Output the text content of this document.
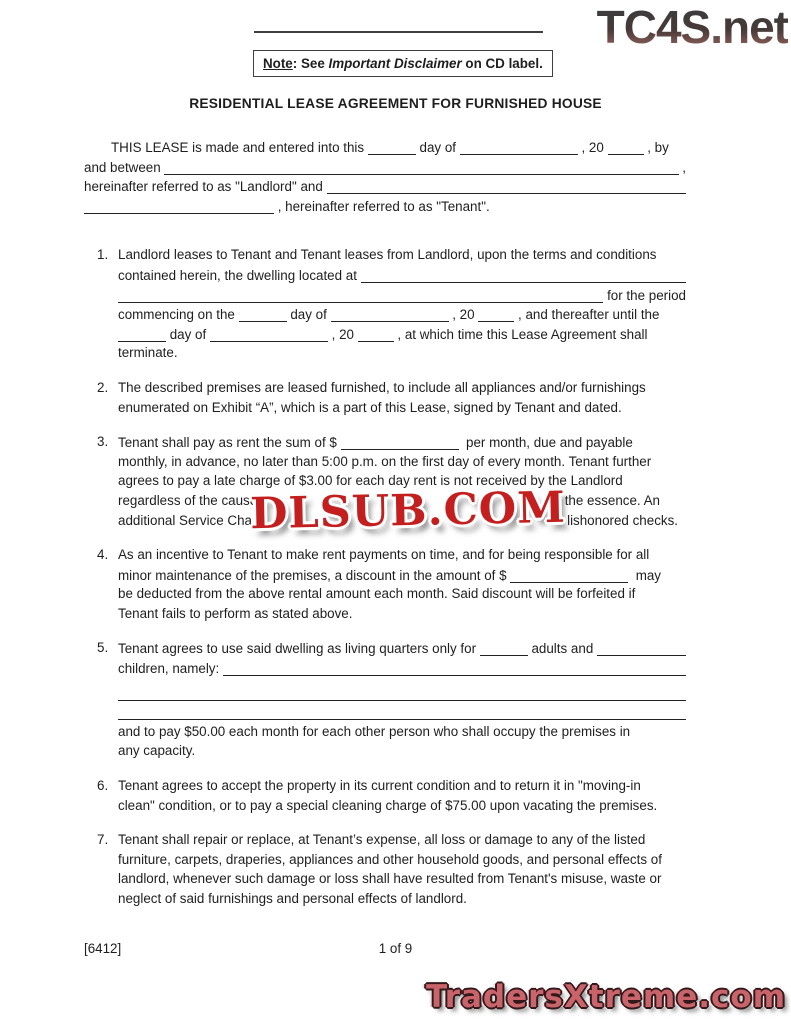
TC4S.net
Note: See Important Disclaimer on CD label.
RESIDENTIAL LEASE AGREEMENT FOR FURNISHED HOUSE
THIS LEASE is made and entered into this	day of	, 20	, by
and between	,
hereinafter referred to as "Landlord" and
, hereinafter referred to as "Tenant".
1. Landlord leases to Tenant and Tenant leases from Landlord, upon the terms and conditions
contained herein, the dwelling located at
for the period
commencing on the	day of	, 20	, and thereafter until the
day of	, 20	, at which time this Lease Agreement shall
terminate.
2. The described premises are leased furnished, to include all appliances and/or furnishings
enumerated on Exhibit “A”, which is a part of this Lease, signed by Tenant and dated.
3. Tenant shall pay as rent the sum of $	per month, due and payable
monthly, in advance, no later than 5:00 p.m. on the first day of every month. Tenant further
agrees to pay a late charge of $3.00 for each day rent is not received by the Landlord
regardless of the cause	the essence. An
additional Service Cha	lishonored checks.
4. As an incentive to Tenant to make rent payments on time, and for being responsible for all
minor maintenance of the premises, a discount in the amount of $	may
be deducted from the above rental amount each month. Said discount will be forfeited if
Tenant fails to perform as stated above.
5. Tenant agrees to use said dwelling as living quarters only for	adults and
children, namely:
and to pay $50.00 each month for each other person who shall occupy the premises in
any capacity.
6. Tenant agrees to accept the property in its current condition and to return it in "moving-in
clean" condition, or to pay a special cleaning charge of $75.00 upon vacating the premises.
7. Tenant shall repair or replace, at Tenant’s expense, all loss or damage to any of the listed
furniture, carpets, draperies, appliances and other household goods, and personal effects of
landlord, whenever such damage or loss shall have resulted from Tenant's misuse, waste or
neglect of said furnishings and personal effects of landlord.
DLSUB.COM
[6412]	1 of 9
TradersXtreme.com
